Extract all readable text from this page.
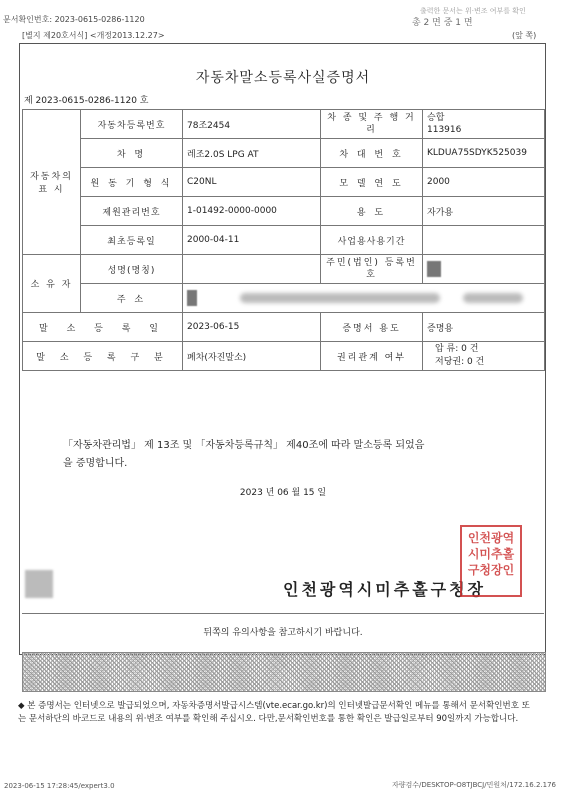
문서확인번호: 2023-0615-0286-1120
출력한 문서는 위·변조 여부를 확인
총 2 면 중 1 면
[별지 제20호서식] <개정2013.12.27>	(앞 쪽)
자동차말소등록사실증명서
제 2023-0615-0286-1120 호
자동차의 표 시	자동차등록번호	78조2454	차 종 및 주 행 거 리	승합
113916

	차 명	레조2.0S LPG AT	차 대 번 호	KLDUA75SDYK525039
	원 동 기 형 식	C20NL	모 델 연 도	2000
	제원관리번호	1-01492-0000-0000	용 도	자가용
	최초등록일	2000-04-11	사업용사용기간	
소 유 자	성명(명칭)		주민(법인) 등록번호	
	주 소			
말 소 등 록 일		2023-06-15	증명서 용도	증명용
말 소 등 록 구 분		폐차(자진말소)	권리관계 여부	압 류: 0 건
저당권: 0 건
「자동차관리법」 제 13조 및 「자동차등록규칙」 제40조에 따라 말소등록 되었음
을 증명합니다.
2023 년 06 월 15 일
인천광역시미추홀구청장
인천광역시미추홀구청장인
뒤쪽의 유의사항을 참고하시기 바랍니다.
◆ 본 증명서는 인터넷으로 발급되었으며, 자동차증명서발급시스템(vte.ecar.go.kr)의 인터넷발급문서확인 메뉴를 통해서 문서확인번호 또는 문서하단의 바코드로 내용의 위·변조 여부를 확인해 주십시오. 다만,문서확인번호를 통한 확인은 발급일로부터 90일까지 가능합니다.
2023-06-15 17:28:45/expert3.0	자량검수/DESKTOP-O8TJBCJ/민원처/172.16.2.176
